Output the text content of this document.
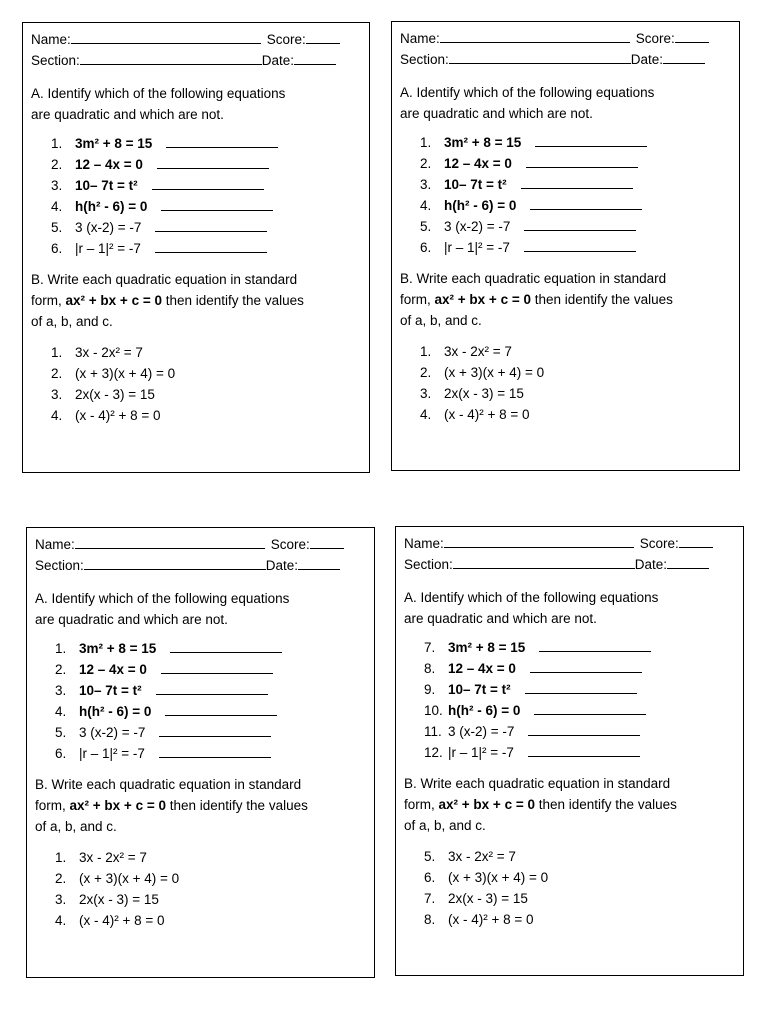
Name:	Score:
Section:	Date:
A. Identify which of the following equations
are quadratic and which are not.
1. 3m² + 8 = 15
2. 12 – 4x = 0
3. 10– 7t = t²
4. h(h² - 6) = 0
5. 3 (x-2) = -7
6. |r – 1|² = -7
B. Write each quadratic equation in standard
form, ax² + bx + c = 0 then identify the values
of a, b, and c.
1. 3x - 2x² = 7
2. (x + 3)(x + 4) = 0
3. 2x(x - 3) = 15
4. (x - 4)² + 8 = 0
Name:	Score:
Section:	Date:
A. Identify which of the following equations
are quadratic and which are not.
1. 3m² + 8 = 15
2. 12 – 4x = 0
3. 10– 7t = t²
4. h(h² - 6) = 0
5. 3 (x-2) = -7
6. |r – 1|² = -7
B. Write each quadratic equation in standard
form, ax² + bx + c = 0 then identify the values
of a, b, and c.
1. 3x - 2x² = 7
2. (x + 3)(x + 4) = 0
3. 2x(x - 3) = 15
4. (x - 4)² + 8 = 0
Name:	Score:
Section:	Date:
A. Identify which of the following equations
are quadratic and which are not.
1. 3m² + 8 = 15
2. 12 – 4x = 0
3. 10– 7t = t²
4. h(h² - 6) = 0
5. 3 (x-2) = -7
6. |r – 1|² = -7
B. Write each quadratic equation in standard
form, ax² + bx + c = 0 then identify the values
of a, b, and c.
1. 3x - 2x² = 7
2. (x + 3)(x + 4) = 0
3. 2x(x - 3) = 15
4. (x - 4)² + 8 = 0
Name:	Score:
Section:	Date:
A. Identify which of the following equations
are quadratic and which are not.
7. 3m² + 8 = 15
8. 12 – 4x = 0
9. 10– 7t = t²
10. h(h² - 6) = 0
11. 3 (x-2) = -7
12. |r – 1|² = -7
B. Write each quadratic equation in standard
form, ax² + bx + c = 0 then identify the values
of a, b, and c.
5. 3x - 2x² = 7
6. (x + 3)(x + 4) = 0
7. 2x(x - 3) = 15
8. (x - 4)² + 8 = 0
